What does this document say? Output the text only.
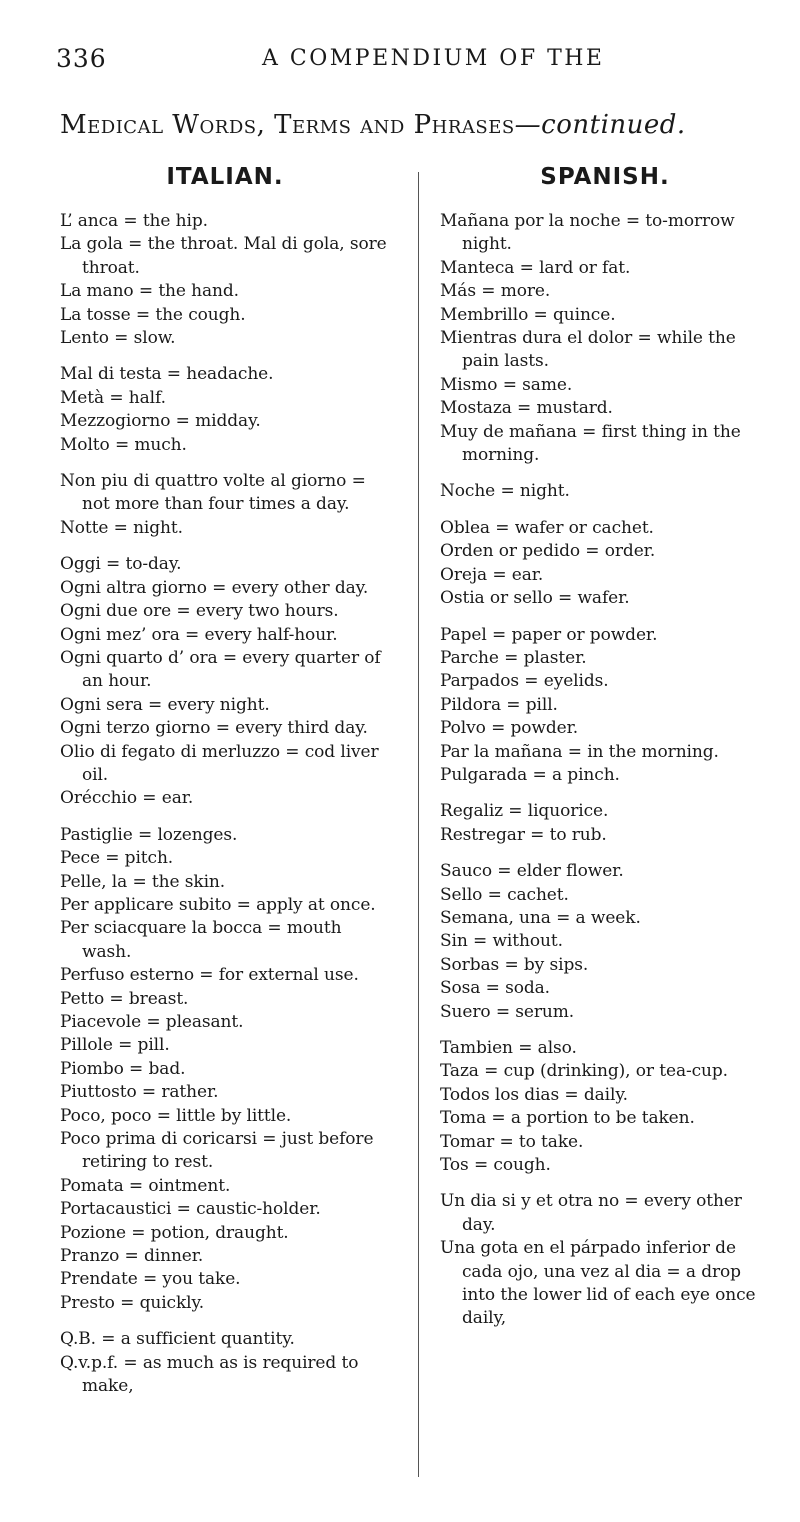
336	A COMPENDIUM OF THE
Medical Words, Terms and Phrases—continued.
ITALIAN.
L’ anca = the hip.
La gola = the throat. Mal di gola, sore throat.
La mano = the hand.
La tosse = the cough.
Lento = slow.
Mal di testa = headache.
Metà = half.
Mezzogiorno = midday.
Molto = much.
Non piu di quattro volte al giorno = not more than four times a day.
Notte = night.
Oggi = to-day.
Ogni altra giorno = every other day.
Ogni due ore = every two hours.
Ogni mez’ ora = every half-hour.
Ogni quarto d’ ora = every quarter of an hour.
Ogni sera = every night.
Ogni terzo giorno = every third day.
Olio di fegato di merluzzo = cod liver oil.
Orécchio = ear.
Pastiglie = lozenges.
Pece = pitch.
Pelle, la = the skin.
Per applicare subito = apply at once.
Per sciacquare la bocca = mouth wash.
Perfuso esterno = for external use.
Petto = breast.
Piacevole = pleasant.
Pillole = pill.
Piombo = bad.
Piuttosto = rather.
Poco, poco = little by little.
Poco prima di coricarsi = just before retiring to rest.
Pomata = ointment.
Portacaustici = caustic-holder.
Pozione = potion, draught.
Pranzo = dinner.
Prendate = you take.
Presto = quickly.
Q.B. = a sufficient quantity.
Q.v.p.f. = as much as is required to make,
SPANISH.
Mañana por la noche = to-morrow night.
Manteca = lard or fat.
Más = more.
Membrillo = quince.
Mientras dura el dolor = while the pain lasts.
Mismo = same.
Mostaza = mustard.
Muy de mañana = first thing in the morning.
Noche = night.
Oblea = wafer or cachet.
Orden or pedido = order.
Oreja = ear.
Ostia or sello = wafer.
Papel = paper or powder.
Parche = plaster.
Parpados = eyelids.
Pildora = pill.
Polvo = powder.
Par la mañana = in the morning.
Pulgarada = a pinch.
Regaliz = liquorice.
Restregar = to rub.
Sauco = elder flower.
Sello = cachet.
Semana, una = a week.
Sin = without.
Sorbas = by sips.
Sosa = soda.
Suero = serum.
Tambien = also.
Taza = cup (drinking), or tea-cup.
Todos los dias = daily.
Toma = a portion to be taken.
Tomar = to take.
Tos = cough.
Un dia si y et otra no = every other day.
Una gota en el párpado inferior de cada ojo, una vez al dia = a drop into the lower lid of each eye once daily,
